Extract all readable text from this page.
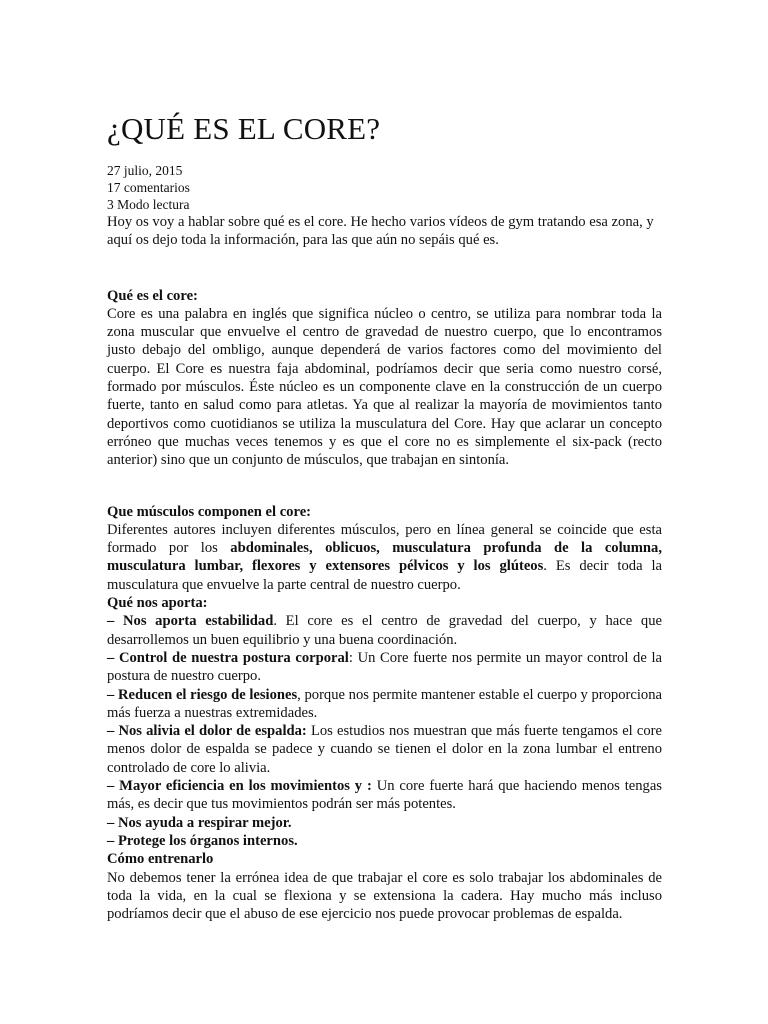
¿QUÉ ES EL CORE?
27 julio, 2015
17 comentarios
3 Modo lectura

Hoy os voy a hablar sobre qué es el core. He hecho varios vídeos de gym tratando esa zona, y aquí os dejo toda la información, para las que aún no sepáis qué es.

Qué es el core:

Core es una palabra en inglés que significa núcleo o centro, se utiliza para nombrar toda la zona muscular que envuelve el centro de gravedad de nuestro cuerpo, que lo encontramos justo debajo del ombligo, aunque dependerá de varios factores como del movimiento del cuerpo. El Core es nuestra faja abdominal, podríamos decir que seria como nuestro corsé, formado por músculos. Éste núcleo es un componente clave en la construcción de un cuerpo fuerte, tanto en salud como para atletas. Ya que al realizar la mayoría de movimientos tanto deportivos como cuotidianos se utiliza la musculatura del Core. Hay que aclarar un concepto erróneo que muchas veces tenemos y es que el core no es simplemente el six-pack (recto anterior) sino que un conjunto de músculos, que trabajan en sintonía.

Que músculos componen el core:

Diferentes autores incluyen diferentes músculos, pero en línea general se coincide que esta formado por los abdominales, oblicuos, musculatura profunda de la columna, musculatura lumbar, flexores y extensores pélvicos y los glúteos. Es decir toda la musculatura que envuelve la parte central de nuestro cuerpo.

Qué nos aporta:

– Nos aporta estabilidad. El core es el centro de gravedad del cuerpo, y hace que desarrollemos un buen equilibrio y una buena coordinación.

– Control de nuestra postura corporal: Un Core fuerte nos permite un mayor control de la postura de nuestro cuerpo.

– Reducen el riesgo de lesiones, porque nos permite mantener estable el cuerpo y proporciona más fuerza a nuestras extremidades.

– Nos alivia el dolor de espalda: Los estudios nos muestran que más fuerte tengamos el core menos dolor de espalda se padece y cuando se tienen el dolor en la zona lumbar el entreno controlado de core lo alivia.

– Mayor eficiencia en los movimientos y : Un core fuerte hará que haciendo menos tengas más, es decir que tus movimientos podrán ser más potentes.

– Nos ayuda a respirar mejor.

– Protege los órganos internos.

Cómo entrenarlo

No debemos tener la errónea idea de que trabajar el core es solo trabajar los abdominales de toda la vida, en la cual se flexiona y se extensiona la cadera. Hay mucho más incluso podríamos decir que el abuso de ese ejercicio nos puede provocar problemas de espalda.
